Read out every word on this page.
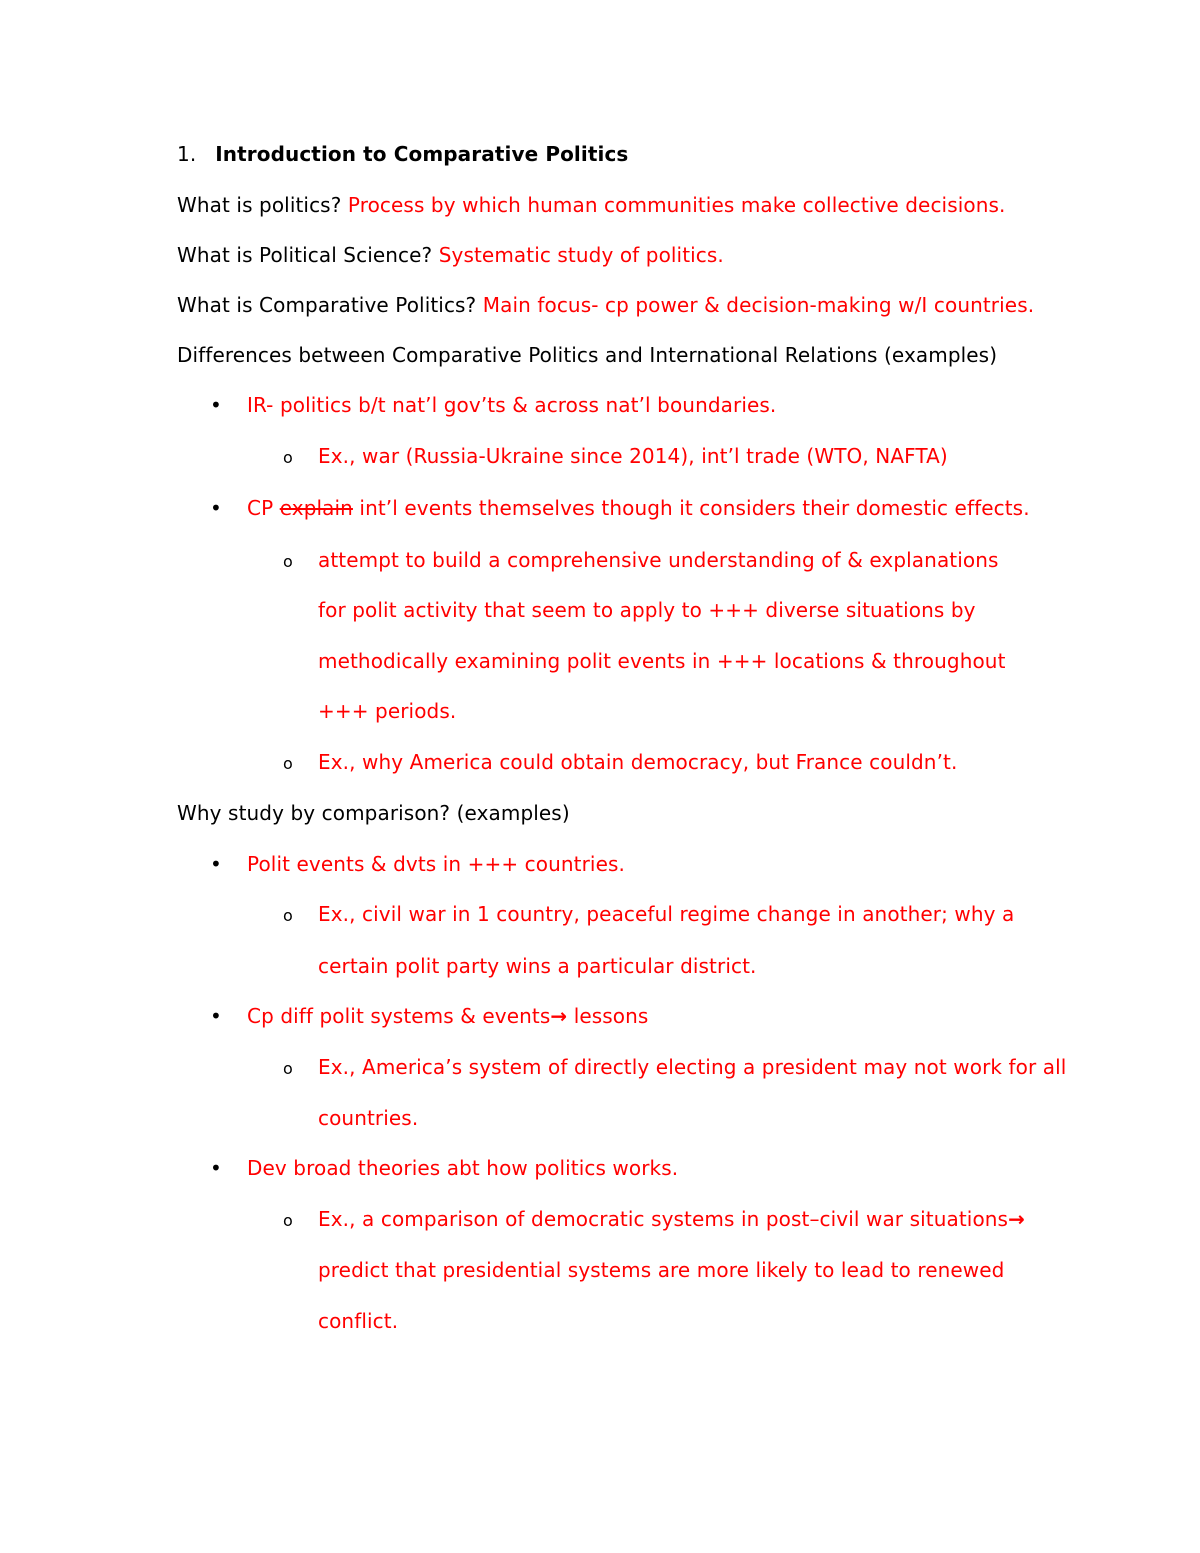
1. Introduction to Comparative Politics
What is politics? Process by which human communities make collective decisions.
What is Political Science? Systematic study of politics.
What is Comparative Politics? Main focus- cp power & decision-making w/I countries.
Differences between Comparative Politics and International Relations (examples)
• IR- politics b/t nat’l gov’ts & across nat’l boundaries.
o Ex., war (Russia-Ukraine since 2014), int’l trade (WTO, NAFTA)
• CP explain int’l events themselves though it considers their domestic effects.
o attempt to build a comprehensive understanding of & explanations
for polit activity that seem to apply to +++ diverse situations by
methodically examining polit events in +++ locations & throughout
+++ periods.
o Ex., why America could obtain democracy, but France couldn’t.
Why study by comparison? (examples)
• Polit events & dvts in +++ countries.
o Ex., civil war in 1 country, peaceful regime change in another; why a
certain polit party wins a particular district.
• Cp diff polit systems & events→ lessons
o Ex., America’s system of directly electing a president may not work for all
countries.
• Dev broad theories abt how politics works.
o Ex., a comparison of democratic systems in post–civil war situations→
predict that presidential systems are more likely to lead to renewed
conflict.
